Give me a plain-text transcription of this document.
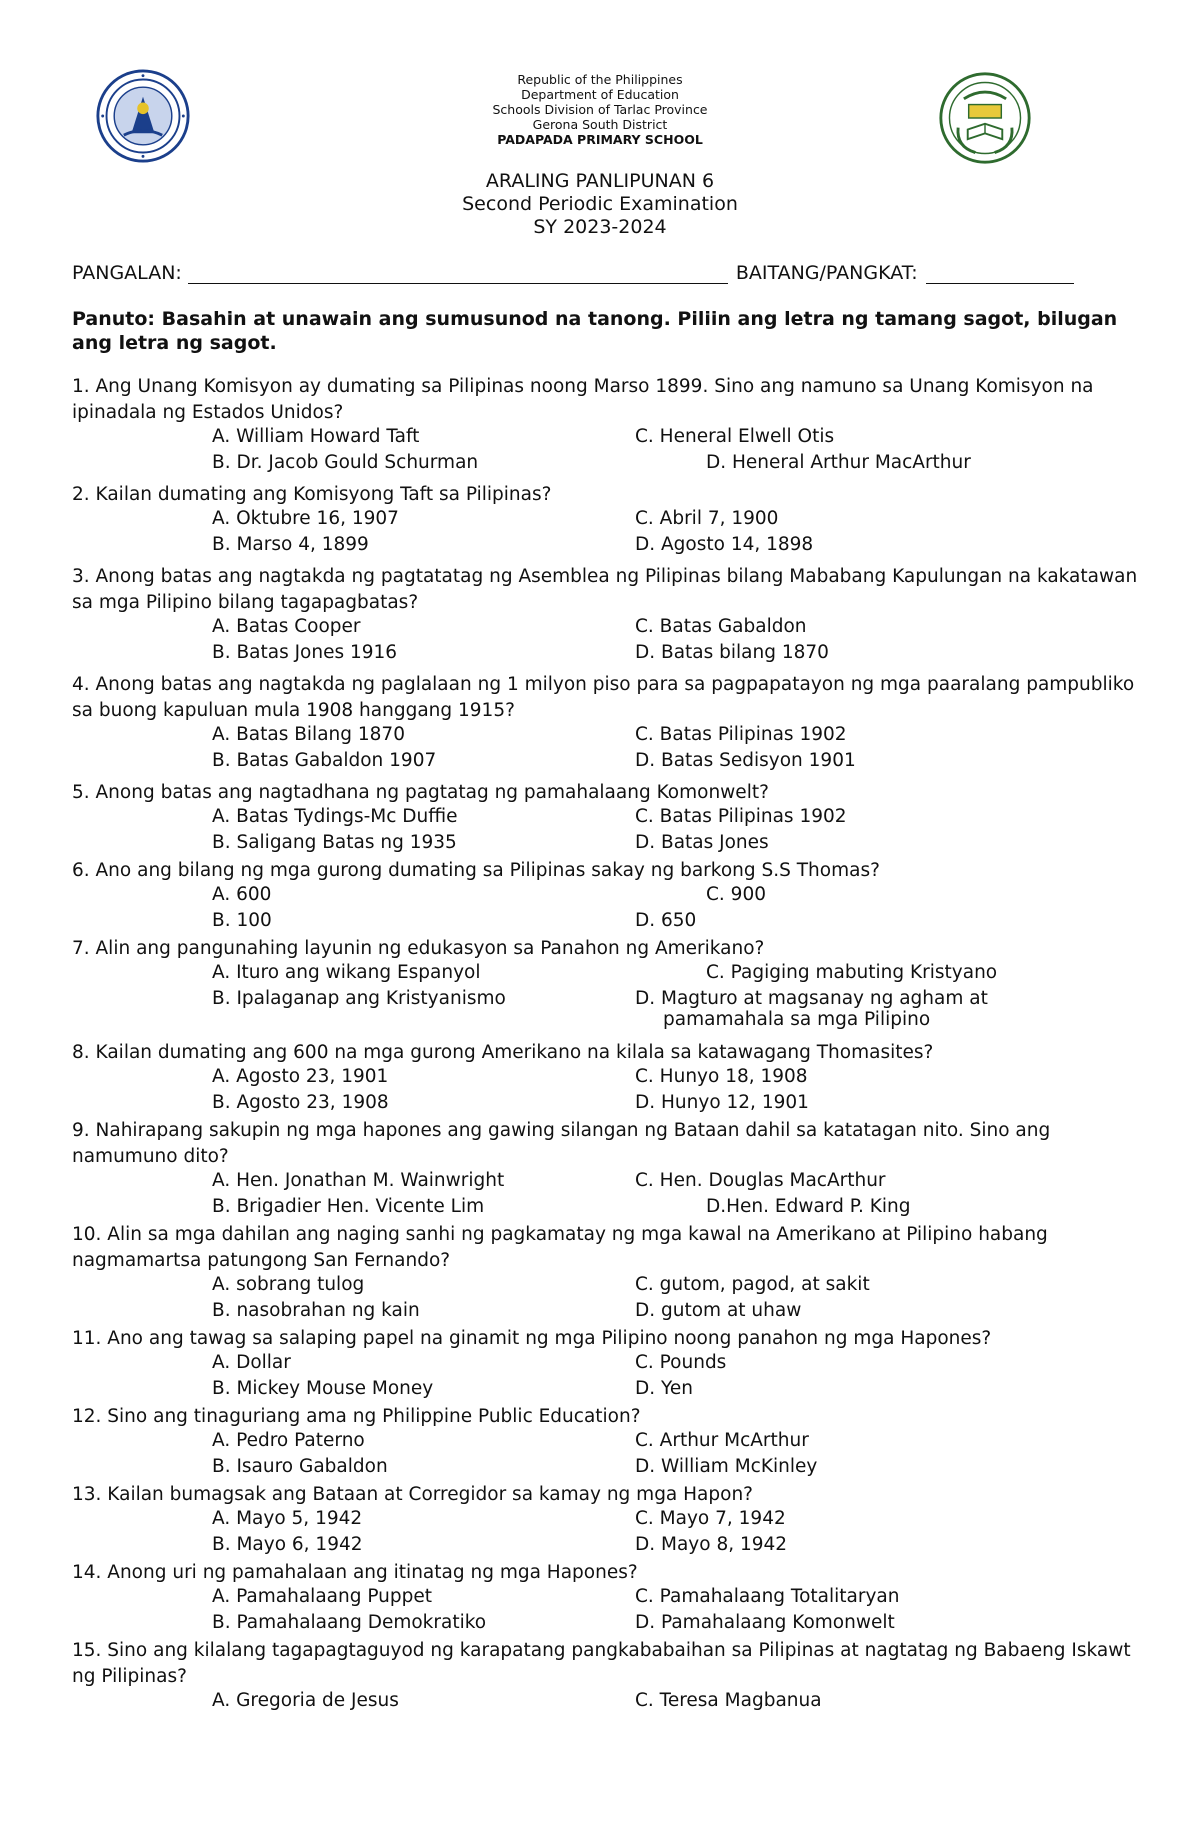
Republic of the Philippines
Department of Education
Schools Division of Tarlac Province
Gerona South District
PADAPADA PRIMARY SCHOOL
ARALING PANLIPUNAN 6
Second Periodic Examination
SY 2023-2024
PANGALAN:	BAITANG/PANGKAT:
Panuto: Basahin at unawain ang sumusunod na tanong. Piliin ang letra ng tamang sagot, bilugan ang letra ng sagot.
1. Ang Unang Komisyon ay dumating sa Pilipinas noong Marso 1899. Sino ang namuno sa Unang Komisyon na ipinadala ng Estados Unidos?
A. William Howard Taft	C. Heneral Elwell Otis
B. Dr. Jacob Gould Schurman	D. Heneral Arthur MacArthur
2. Kailan dumating ang Komisyong Taft sa Pilipinas?
A. Oktubre 16, 1907	C. Abril 7, 1900
B. Marso 4, 1899	D. Agosto 14, 1898
3. Anong batas ang nagtakda ng pagtatatag ng Asemblea ng Pilipinas bilang Mababang Kapulungan na kakatawan sa mga Pilipino bilang tagapagbatas?
A. Batas Cooper	C. Batas Gabaldon
B. Batas Jones 1916	D. Batas bilang 1870
4. Anong batas ang nagtakda ng paglalaan ng 1 milyon piso para sa pagpapatayon ng mga paaralang pampubliko sa buong kapuluan mula 1908 hanggang 1915?
A. Batas Bilang 1870	C. Batas Pilipinas 1902
B. Batas Gabaldon 1907	D. Batas Sedisyon 1901
5. Anong batas ang nagtadhana ng pagtatag ng pamahalaang Komonwelt?
A. Batas Tydings-Mc Duffie	C. Batas Pilipinas 1902
B. Saligang Batas ng 1935	D. Batas Jones
6. Ano ang bilang ng mga gurong dumating sa Pilipinas sakay ng barkong S.S Thomas?
A. 600	C. 900
B. 100	D. 650
7. Alin ang pangunahing layunin ng edukasyon sa Panahon ng Amerikano?
A. Ituro ang wikang Espanyol	C. Pagiging mabuting Kristyano
B. Ipalaganap ang Kristyanismo	D. Magturo at magsanay ng agham at
pamamahala sa mga Pilipino
8. Kailan dumating ang 600 na mga gurong Amerikano na kilala sa katawagang Thomasites?
A. Agosto 23, 1901	C. Hunyo 18, 1908
B. Agosto 23, 1908	D. Hunyo 12, 1901
9. Nahirapang sakupin ng mga hapones ang gawing silangan ng Bataan dahil sa katatagan nito. Sino ang namumuno dito?
A. Hen. Jonathan M. Wainwright	C. Hen. Douglas MacArthur
B. Brigadier Hen. Vicente Lim	D.Hen. Edward P. King
10. Alin sa mga dahilan ang naging sanhi ng pagkamatay ng mga kawal na Amerikano at Pilipino habang nagmamartsa patungong San Fernando?
A. sobrang tulog	C. gutom, pagod, at sakit
B. nasobrahan ng kain	D. gutom at uhaw
11. Ano ang tawag sa salaping papel na ginamit ng mga Pilipino noong panahon ng mga Hapones?
A. Dollar	C. Pounds
B. Mickey Mouse Money	D. Yen
12. Sino ang tinaguriang ama ng Philippine Public Education?
A. Pedro Paterno	C. Arthur McArthur
B. Isauro Gabaldon	D. William McKinley
13. Kailan bumagsak ang Bataan at Corregidor sa kamay ng mga Hapon?
A. Mayo 5, 1942	C. Mayo 7, 1942
B. Mayo 6, 1942	D. Mayo 8, 1942
14. Anong uri ng pamahalaan ang itinatag ng mga Hapones?
A. Pamahalaang Puppet	C. Pamahalaang Totalitaryan
B. Pamahalaang Demokratiko	D. Pamahalaang Komonwelt
15. Sino ang kilalang tagapagtaguyod ng karapatang pangkababaihan sa Pilipinas at nagtatag ng Babaeng Iskawt ng Pilipinas?
A. Gregoria de Jesus	C. Teresa Magbanua
